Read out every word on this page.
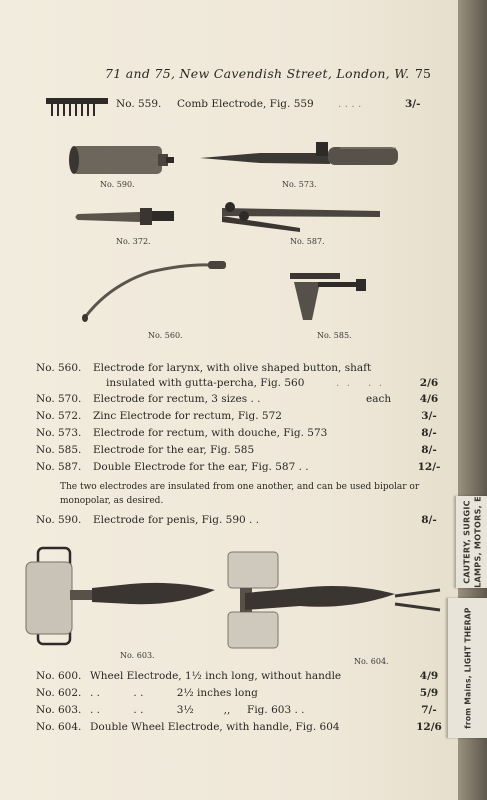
CAUTERY, SURGIC LAMPS, MOTORS, E
from Mains, LIGHT THERAP
71 and 75, New Cavendish Street, London, W. 75
No. 559. Comb Electrode, Fig. 559 . . . .	3/-
No. 590.	No. 573.
No. 372.	No. 587.
No. 560.	No. 585.
No. 603.
No. 604.
No. 560. Electrode for larynx, with olive shaped button, shaft
insulated with gutta-percha, Fig. 560	. .   . .	2/6
No. 570. Electrode for rectum, 3 sizes . .	each	4/6
No. 572. Zinc Electrode for rectum, Fig. 572	3/-
No. 573. Electrode for rectum, with douche, Fig. 573	8/-
No. 585. Electrode for the ear, Fig. 585	8/-
No. 587. Double Electrode for the ear, Fig. 587 . .	12/-
The two electrodes are insulated from one another, and can be used bipolar or monopolar, as desired.
No. 590. Electrode for penis, Fig. 590 . .	8/-
No. 600. Wheel Electrode, 1½ inch long, without handle	4/9
No. 602. . .          . .          2½ inches long	5/9
No. 603. . .          . .          3½         ,,     Fig. 603 . .	7/-
No. 604. Double Wheel Electrode, with handle, Fig. 604	12/6
